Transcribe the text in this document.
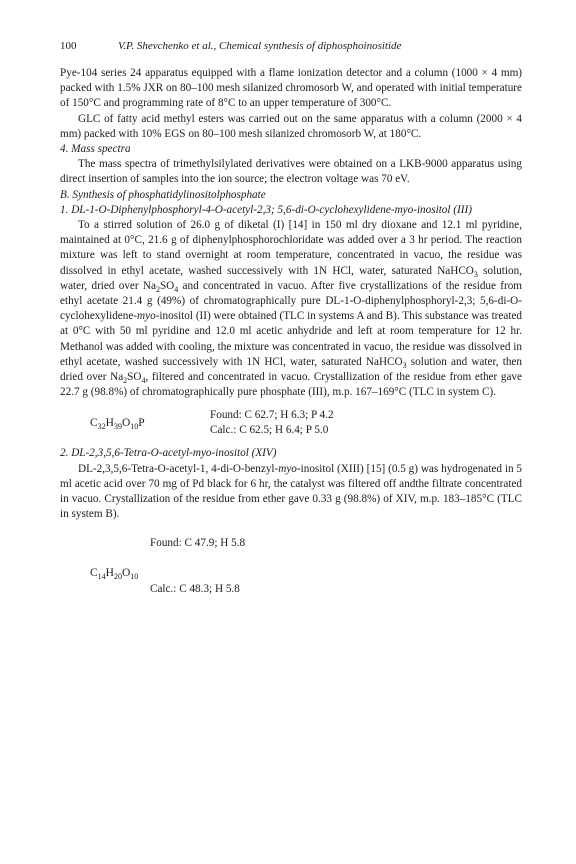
100	V.P. Shevchenko et al., Chemical synthesis of diphosphoinositide

Pye-104 series 24 apparatus equipped with a flame ionization detector and a column (1000 × 4 mm) packed with 1.5% JXR on 80–100 mesh silanized chromosorb W, and operated with initial temperature of 150°C and programming rate of 8°C to an upper temperature of 300°C.

GLC of fatty acid methyl esters was carried out on the same apparatus with a column (2000 × 4 mm) packed with 10% EGS on 80–100 mesh silanized chromosorb W, at 180°C.

4. Mass spectra

The mass spectra of trimethylsilylated derivatives were obtained on a LKB-9000 apparatus using direct insertion of samples into the ion source; the electron voltage was 70 eV.

B. Synthesis of phosphatidylinositolphosphate

1. DL-1-O-Diphenylphosphoryl-4-O-acetyl-2,3; 5,6-di-O-cyclohexylidene-myo-inositol (III)

To a stirred solution of 26.0 g of diketal (I) [14] in 150 ml dry dioxane and 12.1 ml pyridine, maintained at 0°C, 21.6 g of diphenylphosphorochloridate was added over a 3 hr period. The reaction mixture was left to stand overnight at room temperature, concentrated in vacuo, the residue was dissolved in ethyl acetate, washed successively with 1N HCl, water, saturated NaHCO$_3$ solution, water, dried over $Na_2SO_4$ and concentrated in vacuo. After five crystallizations of the residue from ethyl acetate 21.4 g (49%) of chromatographically pure DL-1-O-diphenylphosphoryl-2,3; 5,6-di-O-cyclohexylidene-myo-inositol (II) were obtained (TLC in systems A and B). This substance was treated at 0°C with 50 ml pyridine and 12.0 ml acetic anhydride and left at room temperature for 12 hr. Methanol was added with cooling, the mixture was concentrated in vacuo, the residue was dissolved in ethyl acetate, washed successively with 1N HCl, water, saturated NaHCO$_3$ solution and water, then dried over $Na_2SO_4$, filtered and concentrated in vacuo. Crystallization of the residue from ether gave 22.7 g (98.8%) of chromatographically pure phosphate (III), m.p. 167–169°C (TLC in system C).

$C_{32}H_{39}O_{10}P$
Found: C 62.7; H 6.3; P 4.2
Calc.: C 62.5; H 6.4; P 5.0

2. DL-2,3,5,6-Tetra-O-acetyl-myo-inositol (XIV)

DL-2,3,5,6-Tetra-O-acetyl-1, 4-di-O-benzyl-myo-inositol (XIII) [15] (0.5 g) was hydrogenated in 5 ml acetic acid over 70 mg of Pd black for 6 hr, the catalyst was filtered off andthe filtrate concentrated in vacuo. Crystallization of the residue from ether gave 0.33 g (98.8%) of XIV, m.p. 183–185°C (TLC in system B).

Found: C 47.9; H 5.8
$C_{14}H_{20}O_{10}$
Calc.: C 48.3; H 5.8
